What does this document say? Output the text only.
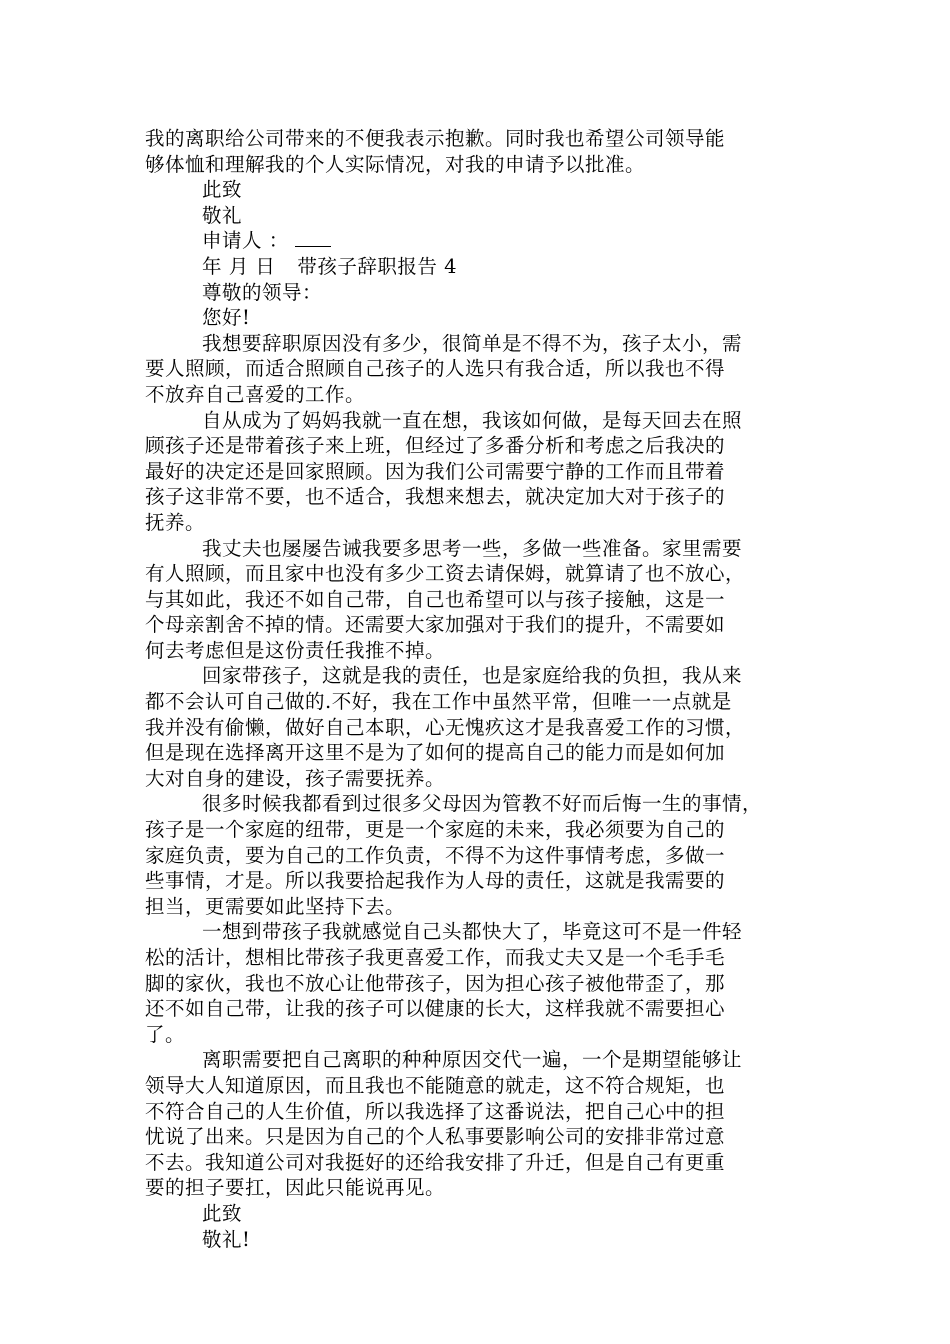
我的离职给公司带来的不便我表示抱歉。同时我也希望公司领导能
够体恤和理解我的个人实际情况，对我的申请予以批准。
此致
敬礼
申请人 ：
年 月 日 带孩子辞职报告 4
尊敬的领导：
您好!
我想要辞职原因没有多少，很简单是不得不为，孩子太小，需
要人照顾，而适合照顾自己孩子的人选只有我合适，所以我也不得
不放弃自己喜爱的工作。
自从成为了妈妈我就一直在想，我该如何做，是每天回去在照
顾孩子还是带着孩子来上班，但经过了多番分析和考虑之后我决的
最好的决定还是回家照顾。因为我们公司需要宁静的工作而且带着
孩子这非常不要，也不适合，我想来想去，就决定加大对于孩子的
抚养。
我丈夫也屡屡告诫我要多思考一些，多做一些准备。家里需要
有人照顾，而且家中也没有多少工资去请保姆，就算请了也不放心，
与其如此，我还不如自己带，自己也希望可以与孩子接触，这是一
个母亲割舍不掉的情。还需要大家加强对于我们的提升，不需要如
何去考虑但是这份责任我推不掉。
回家带孩子，这就是我的责任，也是家庭给我的负担，我从来
都不会认可自己做的.不好，我在工作中虽然平常，但唯一一点就是
我并没有偷懒，做好自己本职，心无愧疚这才是我喜爱工作的习惯，
但是现在选择离开这里不是为了如何的提高自己的能力而是如何加
大对自身的建设，孩子需要抚养。
很多时候我都看到过很多父母因为管教不好而后悔一生的事情，
孩子是一个家庭的纽带，更是一个家庭的未来，我必须要为自己的
家庭负责，要为自己的工作负责，不得不为这件事情考虑，多做一
些事情，才是。所以我要拾起我作为人母的责任，这就是我需要的
担当，更需要如此坚持下去。
一想到带孩子我就感觉自己头都快大了，毕竟这可不是一件轻
松的活计，想相比带孩子我更喜爱工作，而我丈夫又是一个毛手毛
脚的家伙，我也不放心让他带孩子，因为担心孩子被他带歪了，那
还不如自己带，让我的孩子可以健康的长大，这样我就不需要担心
了。
离职需要把自己离职的种种原因交代一遍，一个是期望能够让
领导大人知道原因，而且我也不能随意的就走，这不符合规矩，也
不符合自己的人生价值，所以我选择了这番说法，把自己心中的担
忧说了出来。只是因为自己的个人私事要影响公司的安排非常过意
不去。我知道公司对我挺好的还给我安排了升迁，但是自己有更重
要的担子要扛，因此只能说再见。
此致
敬礼!
